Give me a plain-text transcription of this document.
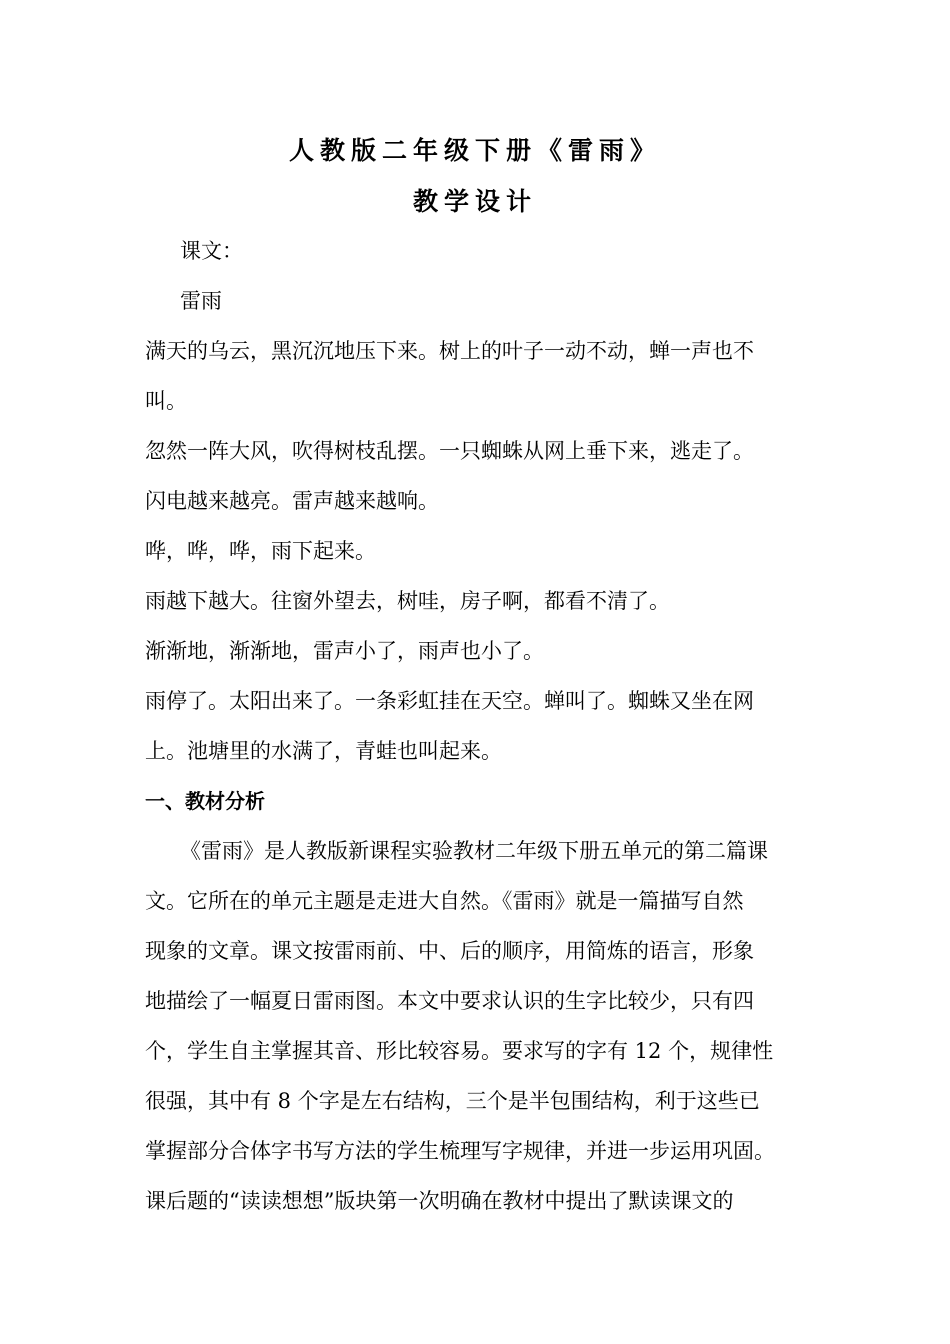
人教版二年级下册《雷雨》
教学设计
课文：
雷雨
满天的乌云，黑沉沉地压下来。树上的叶子一动不动，蝉一声也不
叫。
忽然一阵大风，吹得树枝乱摆。一只蜘蛛从网上垂下来，逃走了。
闪电越来越亮。雷声越来越响。
哗，哗，哗，雨下起来。
雨越下越大。往窗外望去，树哇，房子啊，都看不清了。
渐渐地，渐渐地，雷声小了，雨声也小了。
雨停了。太阳出来了。一条彩虹挂在天空。蝉叫了。蜘蛛又坐在网
上。池塘里的水满了，青蛙也叫起来。
一、教材分析
《雷雨》是人教版新课程实验教材二年级下册五单元的第二篇课
文。它所在的单元主题是走进大自然。《雷雨》就是一篇描写自然
现象的文章。课文按雷雨前、中、后的顺序，用简炼的语言，形象
地描绘了一幅夏日雷雨图。本文中要求认识的生字比较少，只有四
个，学生自主掌握其音、形比较容易。要求写的字有 12 个，规律性
很强，其中有 8 个字是左右结构，三个是半包围结构，利于这些已
掌握部分合体字书写方法的学生梳理写字规律，并进一步运用巩固。
课后题的“读读想想”版块第一次明确在教材中提出了默读课文的
